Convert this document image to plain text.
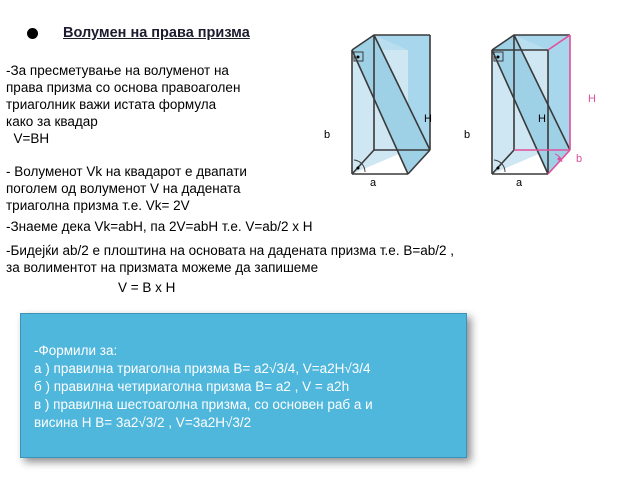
Волумен на права призма
-За пресметување на волуменот на
права призма со основа правоаголен
триаголник важи истата формула
како за квадар
V=BH
- Волуменот Vk на квадарот е двапати
поголем од волуменот V на дадената
триаголна призма т.е. Vk= 2V
-Знаеме дека Vk=abH, па 2V=abH т.е. V=ab/2 x H
-Бидејќи ab/2 е плоштина на основата на дадената призма т.е. B=ab/2 ,
за волиментот на призмата можеме да запишеме
V = B x H
b
H
a
b
H
a
H
b
-Формили за:
а ) правилна триаголна призма B= a2√3/4, V=a2H√3/4
б ) правилна четириаголна призма B= a2 , V = a2h
в ) правилна шестоаголна призма, со основен раб a и
висина H B= 3a2√3/2 , V=3a2H√3/2
